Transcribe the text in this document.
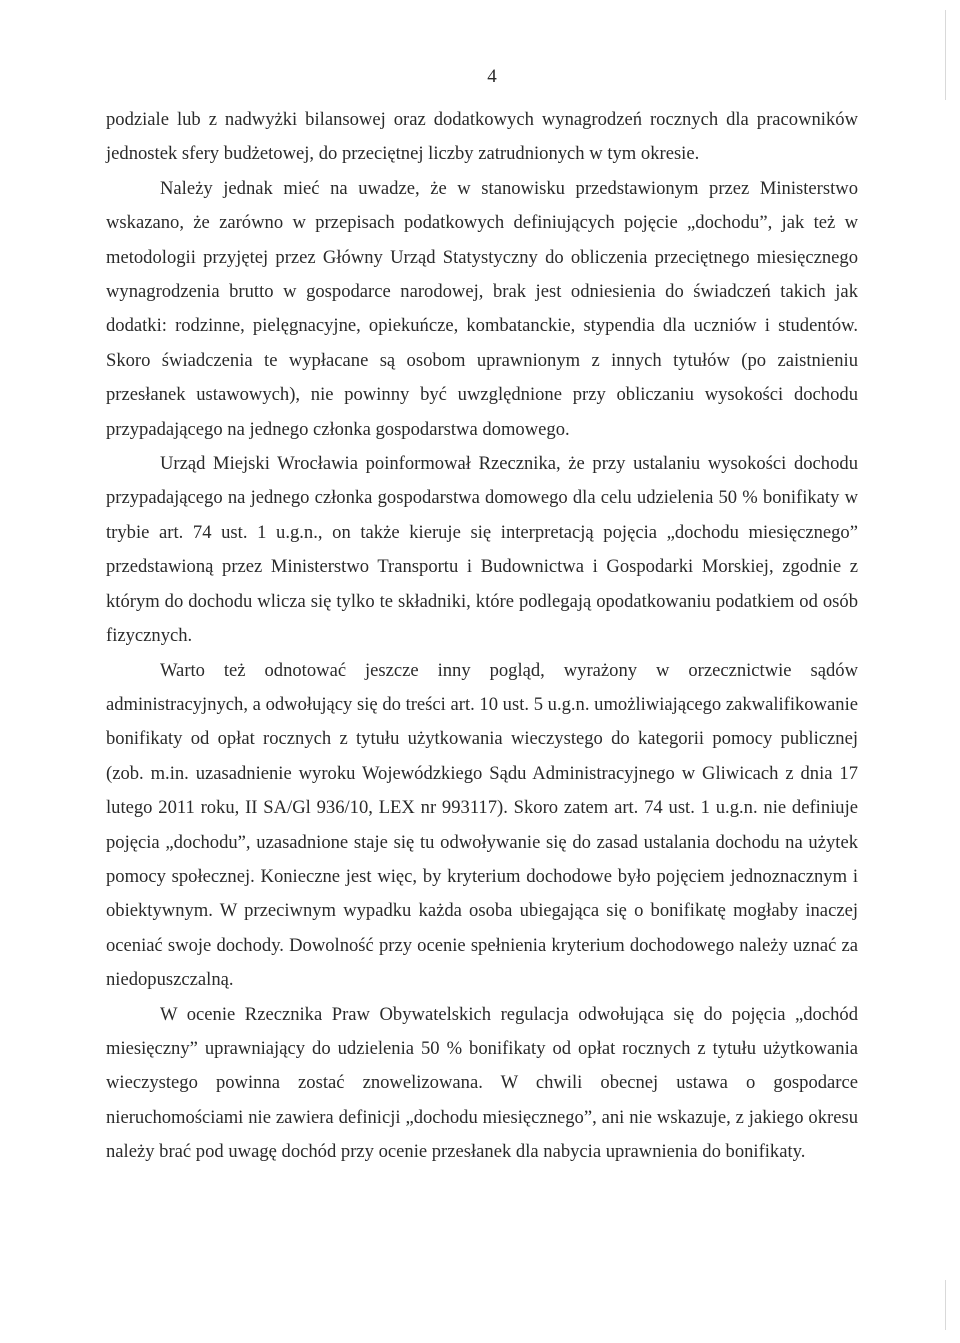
4

podziale lub z nadwyżki bilansowej oraz dodatkowych wynagrodzeń rocznych dla pracowników jednostek sfery budżetowej, do przeciętnej liczby zatrudnionych w tym okresie.

Należy jednak mieć na uwadze, że w stanowisku przedstawionym przez Ministerstwo wskazano, że zarówno w przepisach podatkowych definiujących pojęcie „dochodu”, jak też w metodologii przyjętej przez Główny Urząd Statystyczny do obliczenia przeciętnego miesięcznego wynagrodzenia brutto w gospodarce narodowej, brak jest odniesienia do świadczeń takich jak dodatki: rodzinne, pielęgnacyjne, opiekuńcze, kombatanckie, stypendia dla uczniów i studentów. Skoro świadczenia te wypłacane są osobom uprawnionym z innych tytułów (po zaistnieniu przesłanek ustawowych), nie powinny być uwzględnione przy obliczaniu wysokości dochodu przypadającego na jednego członka gospodarstwa domowego.

Urząd Miejski Wrocławia poinformował Rzecznika, że przy ustalaniu wysokości dochodu przypadającego na jednego członka gospodarstwa domowego dla celu udzielenia 50 % bonifikaty w trybie art. 74 ust. 1 u.g.n., on także kieruje się interpretacją pojęcia „dochodu miesięcznego” przedstawioną przez Ministerstwo Transportu i Budownictwa i Gospodarki Morskiej, zgodnie z którym do dochodu wlicza się tylko te składniki, które podlegają opodatkowaniu podatkiem od osób fizycznych.

Warto też odnotować jeszcze inny pogląd, wyrażony w orzecznictwie sądów administracyjnych, a odwołujący się do treści art. 10 ust. 5 u.g.n. umożliwiającego zakwalifikowanie bonifikaty od opłat rocznych z tytułu użytkowania wieczystego do kategorii pomocy publicznej (zob. m.in. uzasadnienie wyroku Wojewódzkiego Sądu Administracyjnego w Gliwicach z dnia 17 lutego 2011 roku, II SA/Gl 936/10, LEX nr 993117). Skoro zatem art. 74 ust. 1 u.g.n. nie definiuje pojęcia „dochodu”, uzasadnione staje się tu odwoływanie się do zasad ustalania dochodu na użytek pomocy społecznej. Konieczne jest więc, by kryterium dochodowe było pojęciem jednoznacznym i obiektywnym. W przeciwnym wypadku każda osoba ubiegająca się o bonifikatę mogłaby inaczej oceniać swoje dochody. Dowolność przy ocenie spełnienia kryterium dochodowego należy uznać za niedopuszczalną.

W ocenie Rzecznika Praw Obywatelskich regulacja odwołująca się do pojęcia „dochód miesięczny” uprawniający do udzielenia 50 % bonifikaty od opłat rocznych z tytułu użytkowania wieczystego powinna zostać znowelizowana. W chwili obecnej ustawa o gospodarce nieruchomościami nie zawiera definicji „dochodu miesięcznego”, ani nie wskazuje, z jakiego okresu należy brać pod uwagę dochód przy ocenie przesłanek dla nabycia uprawnienia do bonifikaty.
